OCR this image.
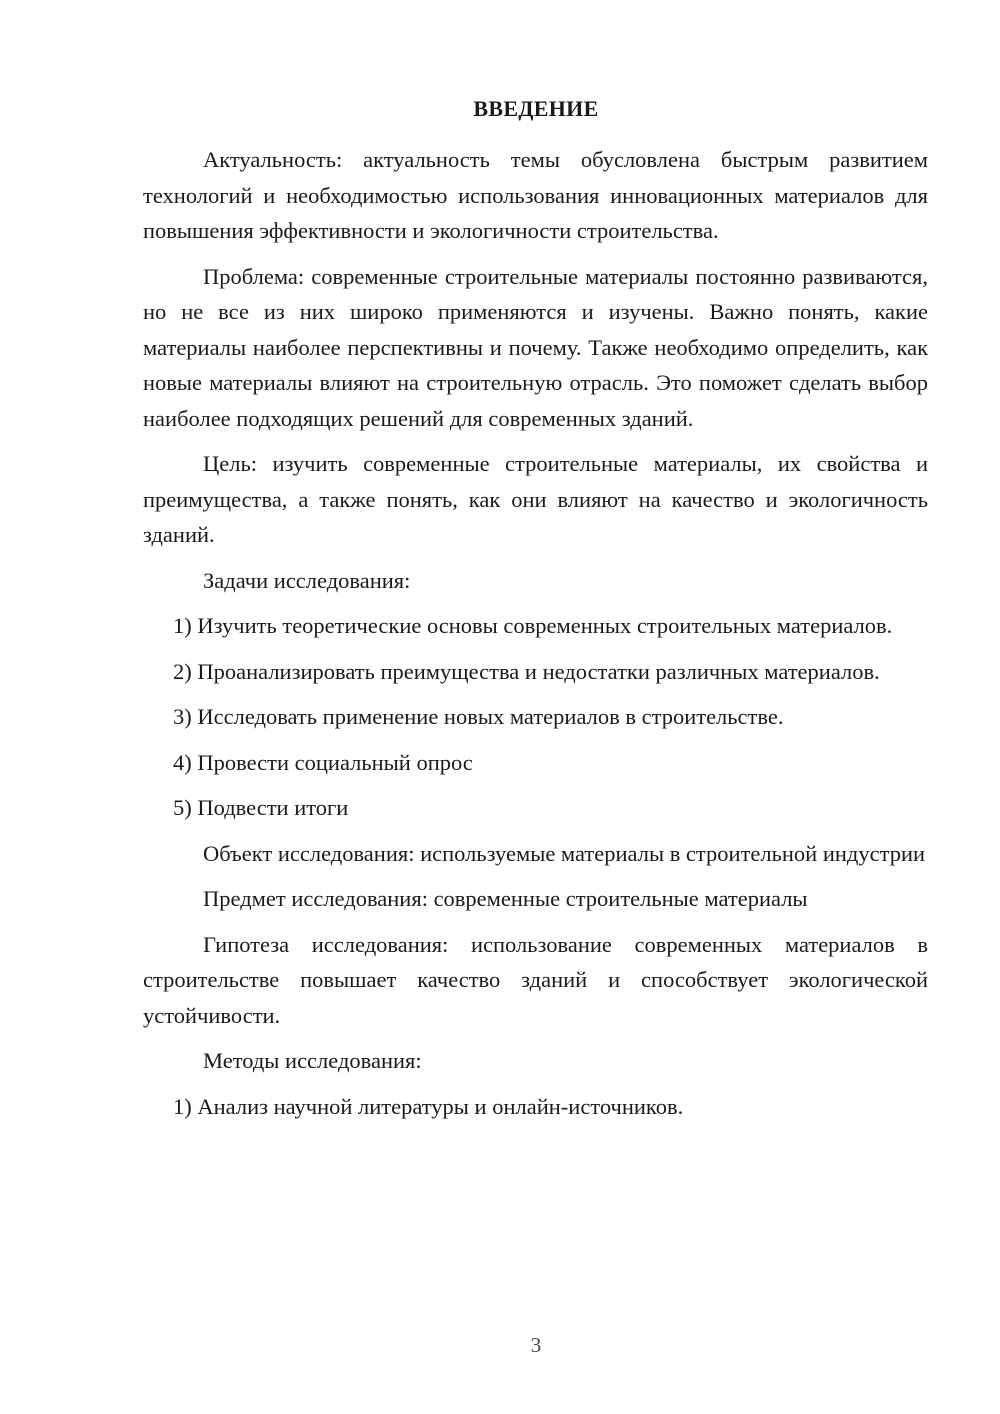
ВВЕДЕНИЕ

Актуальность: актуальность темы обусловлена быстрым развитием технологий и необходимостью использования инновационных материалов для повышения эффективности и экологичности строительства.

Проблема: современные строительные материалы постоянно развиваются, но не все из них широко применяются и изучены. Важно понять, какие материалы наиболее перспективны и почему. Также необходимо определить, как новые материалы влияют на строительную отрасль. Это поможет сделать выбор наиболее подходящих решений для современных зданий.

Цель: изучить современные строительные материалы, их свойства и преимущества, а также понять, как они влияют на качество и экологичность зданий.

Задачи исследования:

1) Изучить теоретические основы современных строительных материалов.

2) Проанализировать преимущества и недостатки различных материалов.

3) Исследовать применение новых материалов в строительстве.

4) Провести социальный опрос

5) Подвести итоги

Объект исследования: используемые материалы в строительной индустрии

Предмет исследования: современные строительные материалы

Гипотеза исследования: использование современных материалов в строительстве повышает качество зданий и способствует экологической устойчивости.

Методы исследования:

1) Анализ научной литературы и онлайн-источников.

3
